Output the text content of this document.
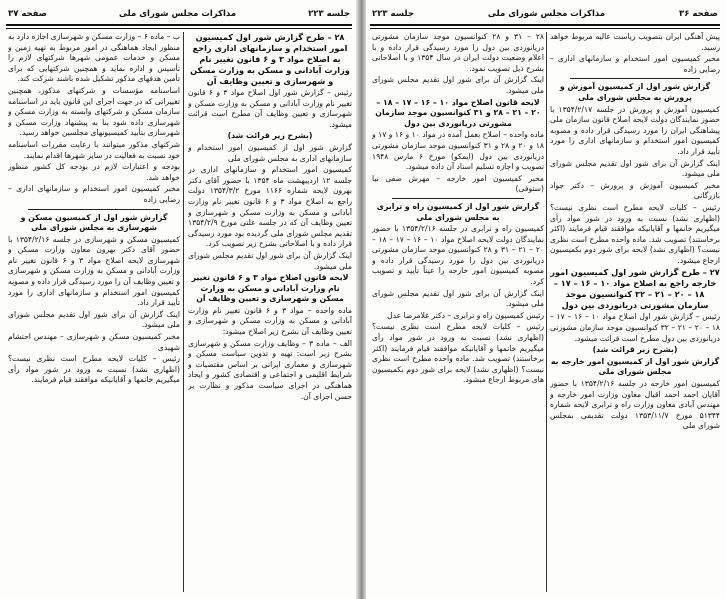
صفحه ۳۶
مذاکرات مجلس شورای ملی
جلسه ۲۲۳

پیش آهنگی ایران بتصویب ریاست عالیه مربوط خواهد رسید.

مخبر کمیسیون امور استخدام و سازمانهای اداری – رضایی زاده

گزارش شور اول از کمیسیون آموزش و پرورش به مجلس شورای ملی

کمیسیون آموزش و پرورش در جلسه ۱۳۵۴/۲/۱۷ با حضور نمایندگان دولت لایحه اصلاح قانون سازمان ملی پیشاهنگی ایران را مورد رسیدگی قرار داده و مصوبه کمیسیون امور استخدام و سازمانهای اداری را مورد تأیید قرار داد.

اینک گزارش آن برای شور اول تقدیم مجلس شورای ملی میشود.

مخبر کمیسیون آموزش و پرورش – دکتر جواد بازرگانی

رئیس – کلیات لایحه مطرح است نظری نیست؟ (اظهاری نشد) نسبت به ورود در شور مواد رأی میگیریم خانمها و آقایانیکه موافقند قیام فرمایند (اکثر برخاستند) تصویب شد. ماده واحده مطرح است نظری نیست؟ (اظهاری نشد) لایحه برای شور دوم بکمیسیون ارجاع میشود.

۲۷ – طرح گزارش شور اول کمیسیون امور خارجه راجع به اصلاح مواد ۱۰ – ۱۶ – ۱۷ – ۱۸ – ۲۰ – ۲۱ – ۳۲ کنوانسیون موجد سازمان مشورتی دریانوردی بین دول

رئیس – گزارش شور اول اصلاح مواد ۱۰ – ۱۶ – ۱۷ – ۱۸ – ۲۰ – ۲۱ – ۳۲ کنوانسیون موجد سازمان مشورتی دریانوردی بین دول مطرح است قرائت میشود.

(بشرح زیر قرائت شد)

گزارش شور اول از کمیسیون امور خارجه به مجلس شورای ملی

کمیسیون امور خارجه در جلسه ۱۳۵۴/۲/۱۶ با حضور آقایان احمد احمد اقبال معاون وزارت امور خارجه و مهندس آبادی معاون وزارت راه و ترابری لایحه شماره ۵۱۳۴۴ مورخ ۱۳۵۳/۱۱/۷ دولت تقدیمی بمجلس شورای ملی

۲۸ – ۳۱ و ۲۸ کنوانسیون موجد سازمان مشورتی دریانوردی بین دول را مورد رسیدگی قرار داده و با اعلام وضعیت دولت ایران در سال ۱۳۵۴ و با اصلاحاتی بشرح ذیل تصویب نمود.

اینک گزارش آن برای شور اول تقدیم مجلس شورای ملی میشود.

لایحه قانون اصلاح مواد ۱۰ – ۱۶ – ۱۷ – ۱۸ – ۲۰ – ۲۱ – ۲۸ و ۳۱ کنوانسیون موجد سازمان مشورتی دریانوردی بین دول

ماده واحده – اصلاح بعمل آمده در مواد ۱۰ و ۱۶ و ۱۷ و ۱۸ و ۲۰ و ۲۸ و ۳۱ کنوانسیون موجد سازمان مشورتی دریانوردی بین دول (ایمکو) مورخ ۶ مارس ۱۹۴۸ تصویب و اجازه تسلیم اسناد آن داده میشود.

مخبر کمیسیون امور خارجه – مهرش صفی نیا (ستوفی)

گزارش شور اول از کمیسیون راه و ترابری به مجلس شورای ملی

کمیسیون راه و ترابری در جلسه ۱۳۵۴/۲/۱۶ با حضور نمایندگان دولت لایحه اصلاح مواد ۱۰ – ۱۶ – ۱۷ – ۱۸ – ۲۰ – ۲۱ – ۳۱ و ۲۸ کنوانسیون موجد سازمان مشورتی دریانوردی بین دول را مورد رسیدگی قرار داده و مصوبه کمیسیون امور خارجه را عیناً تأیید و تصویب کرد.

اینک گزارش آن برای شور اول تقدیم مجلس شورای ملی میشود.

رئیس کمیسیون راه و ترابری – دکتر غلامرضا عدل

رئیس – کلیات لایحه مطرح است نظری نیست؟ (اظهاری نشد) نسبت به ورود در شور مواد رأی میگیریم خانمها و آقایانیکه موافقند قیام فرمایند (اکثر برخاستند) تصویب شد. ماده واحده مطرح است نظری نیست؟ (اظهاری نشد) لایحه برای شور دوم بکمیسیون های مربوط ارجاع میشود.

جلسه ۲۲۳
مذاکرات مجلس شورای ملی
صفحه ۳۷

۲۸ – طرح گزارش شور اول کمیسیون امور استخدام و سازمانهای اداری راجع به اصلاح مواد ۳ و ۶ قانون تغییر نام وزارت آبادانی و مسکن به وزارت مسکن و شهرسازی و تعیین وظایف آن

رئیس – گزارش شور اول اصلاح مواد ۳ و ۶ قانون تغییر نام وزارت آبادانی و مسکن به وزارت مسکن و شهرسازی و تعیین وظایف آن مطرح است قرائت میشود.

(بشرح زیر قرائت شد)

گزارش شور اول از کمیسیون امور استخدام و سازمانهای اداری به مجلس شورای ملی

کمیسیون امور استخدام و سازمانهای اداری در جلسه ۱۲ اردیبهشت ماه ۱۳۵۴ با حضور آقای دکتر بهرون لایحه شماره ۱۱۶۶ مورخ ۱۳۵۴/۳/۲ دولت راجع به اصلاح مواد ۳ و ۶ قانون تغییر نام وزارت آبادانی و مسکن به وزارت مسکن و شهرسازی و تعیین وظایف آن که در جلسه علنی مورخ ۱۳۵۴/۲/۹ تقدیم مجلس شورای ملی گردیده بود مورد رسیدگی قرار داده و با اصلاحاتی بشرح زیر تصویب کرد.

اینک گزارش آن برای شور اول تقدیم مجلس شورای ملی میشود.

لایحه قانون اصلاح مواد ۳ و ۶ قانون تغییر نام وزارت آبادانی و مسکن به وزارت مسکن و شهرسازی و تعیین وظایف آن

ماده واحده – مواد ۳ و ۶ قانون تغییر نام وزارت آبادانی و مسکن به وزارت مسکن و شهرسازی و تعیین وظایف آن بشرح زیر اصلاح میشود:

الف – ماده ۳ – وظایف وزارت مسکن و شهرسازی بشرح زیر است: تهیه و تدوین سیاست مسکن و شهرسازی و معماری ایرانی بر اساس مقتضیات و شرایط اقلیمی و اجتماعی و اقتصادی کشور و ایجاد هماهنگی در اجرای سیاست مذکور و نظارت بر حسن اجرای آن.

ب – ماده ۶ – وزارت مسکن و شهرسازی اجازه دارد به منظور ایجاد هماهنگی در امور مربوط به تهیه زمین و مسکن و خدمات عمومی شهرها شرکتهای لازم را تأسیس و اداره نماید و همچنین شرکتهایی که برای تأمین هدفهای مذکور تشکیل شده باشند شرکت کند.

اساسنامه مؤسسات و شرکتهای مذکور، همچنین تغییراتی که در جهت اجرای این قانون باید در اساسنامه سازمان مسکن و شرکتهای وابسته به وزارت مسکن و شهرسازی داده شود بنا به پیشنهاد وزارت مسکن و شهرسازی بتأیید کمیسیونهای مجلسین خواهد رسید.

شرکتهای مذکور میتوانند با رعایت مقررات اساسنامه خود نسبت به فعالیت در سایر شهرها اقدام نمایند.

بودجه و اعتبارات لازم در بودجه کل کشور منظور خواهد شد.

مخبر کمیسیون امور استخدام و سازمانهای اداری – رضایی زاده

گزارش شور اول از کمیسیون مسکن و شهرسازی به مجلس شورای ملی

کمیسیون مسکن و شهرسازی در جلسه ۱۳۵۴/۲/۱۶ با حضور آقای دکتر بهرون معاون وزارت مسکن و شهرسازی لایحه اصلاح مواد ۳ و ۶ قانون تغییر نام وزارت آبادانی و مسکن به وزارت مسکن و شهرسازی و تعیین وظایف آن را مورد رسیدگی قرار داده و مصوبه کمیسیون امور استخدام و سازمانهای اداری را مورد تأیید قرار داد.

اینک گزارش آن برای شور اول تقدیم مجلس شورای ملی میشود.

مخبر کمیسیون مسکن و شهرسازی – مهندس احتشام شهیدی

رئیس – کلیات لایحه مطرح است نظری نیست؟ (اظهاری نشد) نسبت به ورود در شور مواد رأی میگیریم خانمها و آقایانیکه موافقند قیام فرمایند.
